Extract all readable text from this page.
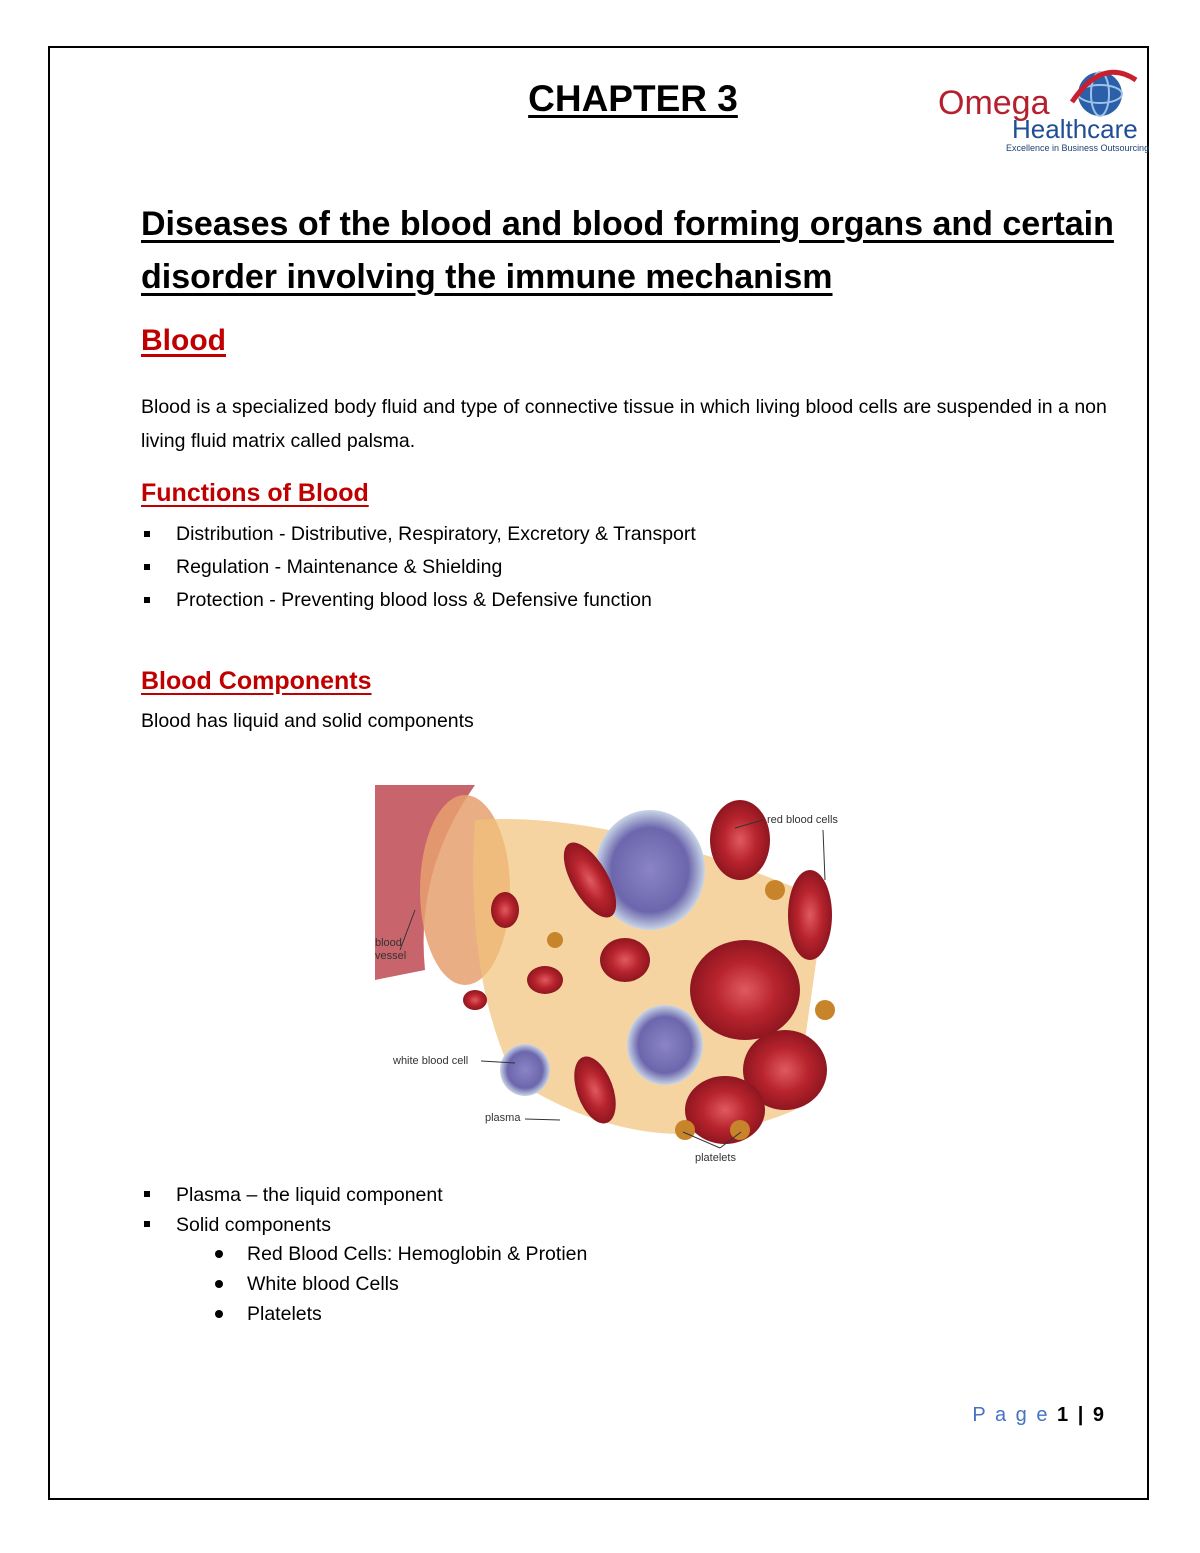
CHAPTER 3	Omega
Healthcare
Excellence in Business Outsourcing
Diseases of the blood and blood forming organs and certain disorder involving the immune mechanism
Blood

Blood is a specialized body fluid and type of connective tissue in which living blood cells are suspended in a non living fluid matrix called palsma.

Functions of Blood
Distribution - Distributive, Respiratory, Excretory & Transport
Regulation - Maintenance & Shielding
Protection - Preventing blood loss & Defensive function
Blood Components

Blood has liquid and solid components

red blood cells
blood
vessel
white blood cell
plasma
platelets
Plasma – the liquid component
Solid components
Red Blood Cells: Hemoglobin & Protien
White blood Cells
Platelets
P a g e 1 | 9
